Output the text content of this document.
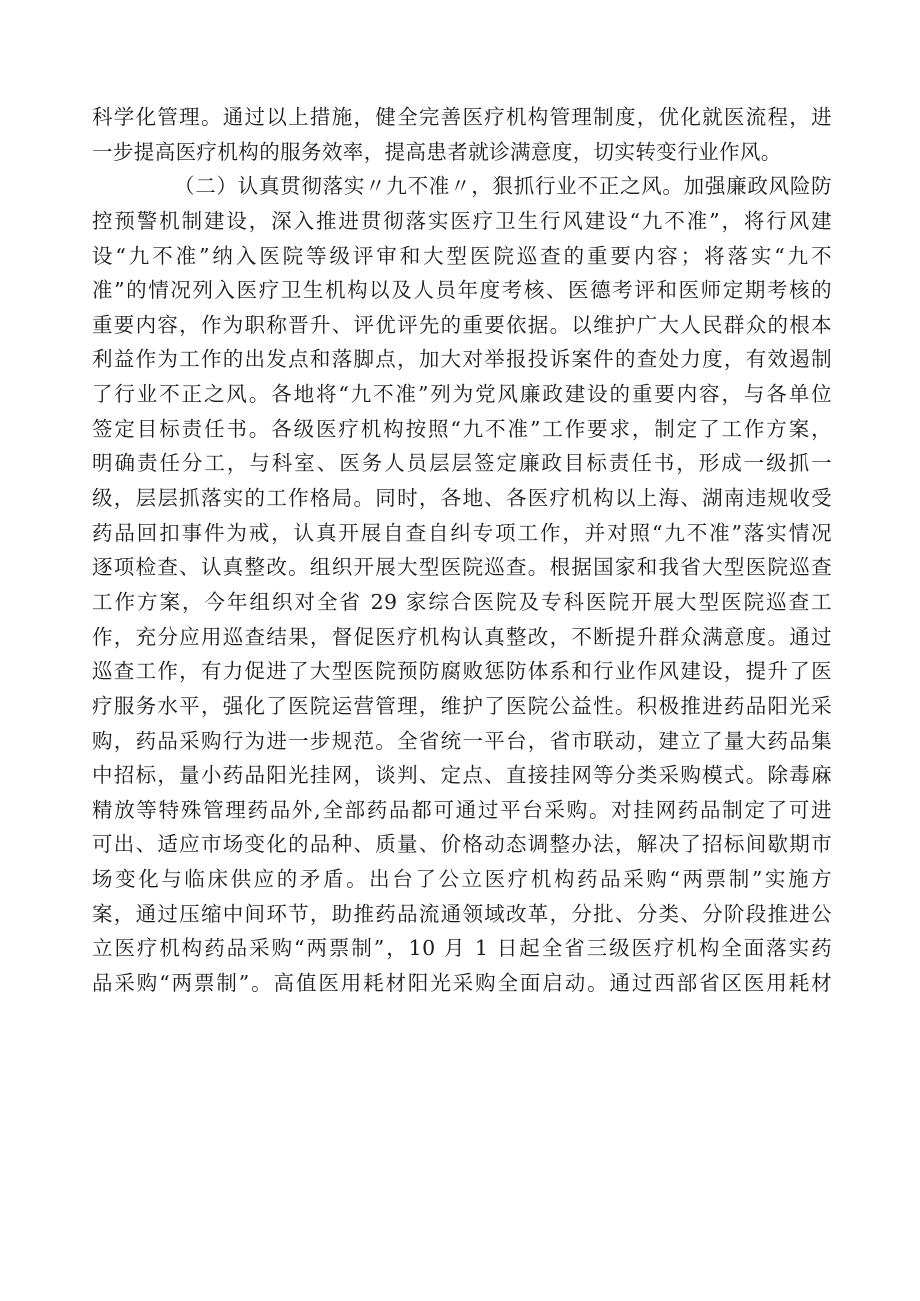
科学化管理。通过以上措施，健全完善医疗机构管理制度，优化就医流程，进
一步提高医疗机构的服务效率，提高患者就诊满意度，切实转变行业作风。
（二）认真贯彻落实〃九不准〃，狠抓行业不正之风。加强廉政风险防
控预警机制建设，深入推进贯彻落实医疗卫生行风建设“九不准”，将行风建
设“九不准”纳入医院等级评审和大型医院巡查的重要内容；将落实“九不
准”的情况列入医疗卫生机构以及人员年度考核、医德考评和医师定期考核的
重要内容，作为职称晋升、评优评先的重要依据。以维护广大人民群众的根本
利益作为工作的出发点和落脚点，加大对举报投诉案件的查处力度，有效遏制
了行业不正之风。各地将“九不准”列为党风廉政建设的重要内容，与各单位
签定目标责任书。各级医疗机构按照“九不准”工作要求，制定了工作方案，
明确责任分工，与科室、医务人员层层签定廉政目标责任书，形成一级抓一
级，层层抓落实的工作格局。同时，各地、各医疗机构以上海、湖南违规收受
药品回扣事件为戒，认真开展自查自纠专项工作，并对照“九不准”落实情况
逐项检查、认真整改。组织开展大型医院巡查。根据国家和我省大型医院巡查
工作方案，今年组织对全省 29 家综合医院及专科医院开展大型医院巡查工
作，充分应用巡查结果，督促医疗机构认真整改，不断提升群众满意度。通过
巡查工作，有力促进了大型医院预防腐败惩防体系和行业作风建设，提升了医
疗服务水平，强化了医院运营管理，维护了医院公益性。积极推进药品阳光采
购，药品采购行为进一步规范。全省统一平台，省市联动，建立了量大药品集
中招标，量小药品阳光挂网，谈判、定点、直接挂网等分类采购模式。除毒麻
精放等特殊管理药品外,全部药品都可通过平台采购。对挂网药品制定了可进
可出、适应市场变化的品种、质量、价格动态调整办法，解决了招标间歇期市
场变化与临床供应的矛盾。出台了公立医疗机构药品采购“两票制”实施方
案，通过压缩中间环节，助推药品流通领域改革，分批、分类、分阶段推进公
立医疗机构药品采购“两票制”，10 月 1 日起全省三级医疗机构全面落实药
品采购“两票制”。高值医用耗材阳光采购全面启动。通过西部省区医用耗材
